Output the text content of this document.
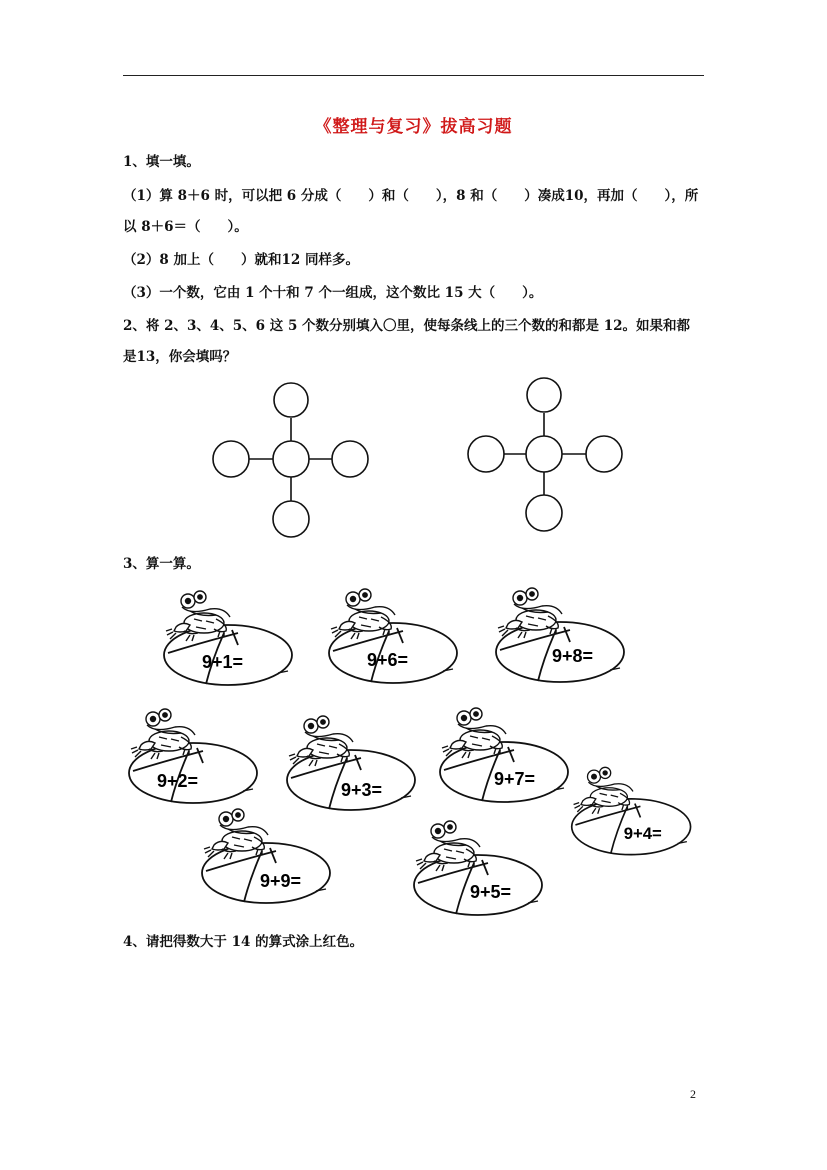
《整理与复习》拔高习题
1、填一填。
（1）算 8＋6 时，可以把 6 分成（　　）和（　　），8 和（　　）凑成10，再加（　　），所
以 8＋6＝（　　）。
（2）8 加上（　　）就和12 同样多。
（3）一个数，它由 1 个十和 7 个一组成，这个数比 15 大（　　）。
2、将 2、3、4、5、6 这 5 个数分别填入〇里，使每条线上的三个数的和都是 12。如果和都
是13，你会填吗？
3、算一算。
9+1=	9+6=	9+8=
9+2=	9+3=
9+7=
9+4=
9+9=
9+5=
4、请把得数大于 14 的算式涂上红色。
2
